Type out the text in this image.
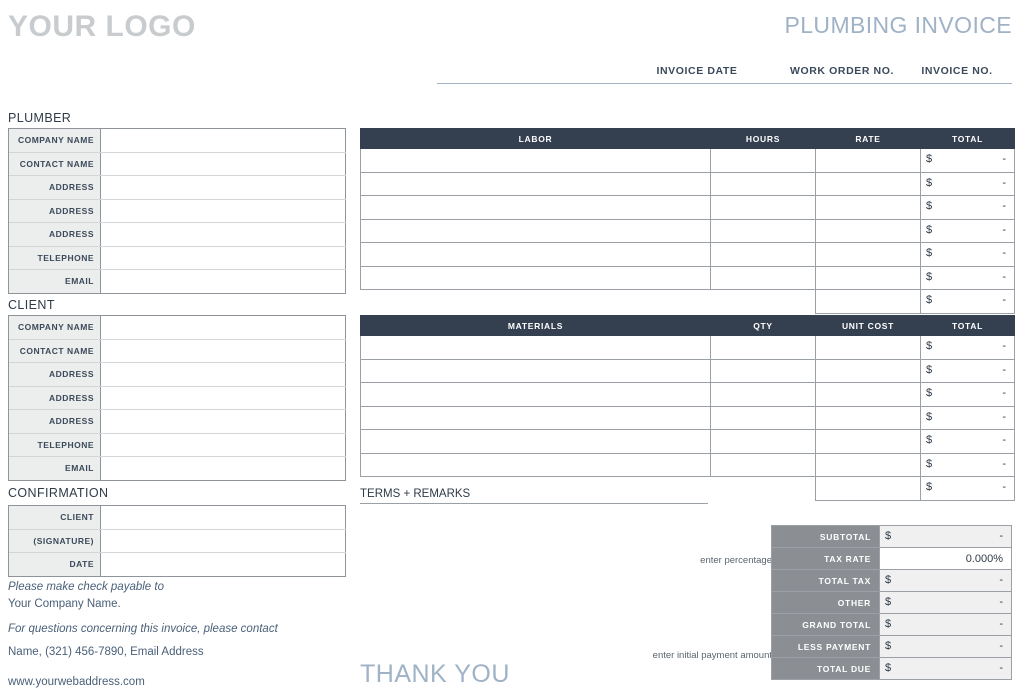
YOUR LOGO	PLUMBING INVOICE
INVOICE DATE	WORK ORDER NO.	INVOICE NO.
PLUMBER
COMPANY NAME
CONTACT NAME
ADDRESS
ADDRESS
ADDRESS
TELEPHONE
EMAIL
CLIENT
COMPANY NAME
CONTACT NAME
ADDRESS
ADDRESS
ADDRESS
TELEPHONE
EMAIL
CONFIRMATION
CLIENT
(SIGNATURE)
DATE
LABOR	HOURS	RATE	TOTAL

			$ -

			$ -

			$ -

			$ -

			$ -

			$ -

		TOTAL	$ -
MATERIALS	QTY	UNIT COST	TOTAL

			$ -

			$ -

			$ -

			$ -

			$ -

			$ -

		TOTAL	$ -
TERMS + REMARKS
enter percentage
enter initial payment amount
SUBTOTAL	$ -

TAX RATE	0.000%
TOTAL TAX	$ -

OTHER	$ -

GRAND TOTAL	$ -

LESS PAYMENT	$ -

TOTAL DUE	$ -
Please make check payable to
Your Company Name.
For questions concerning this invoice, please contact
Name, (321) 456-7890, Email Address
www.yourwebaddress.com	THANK YOU
